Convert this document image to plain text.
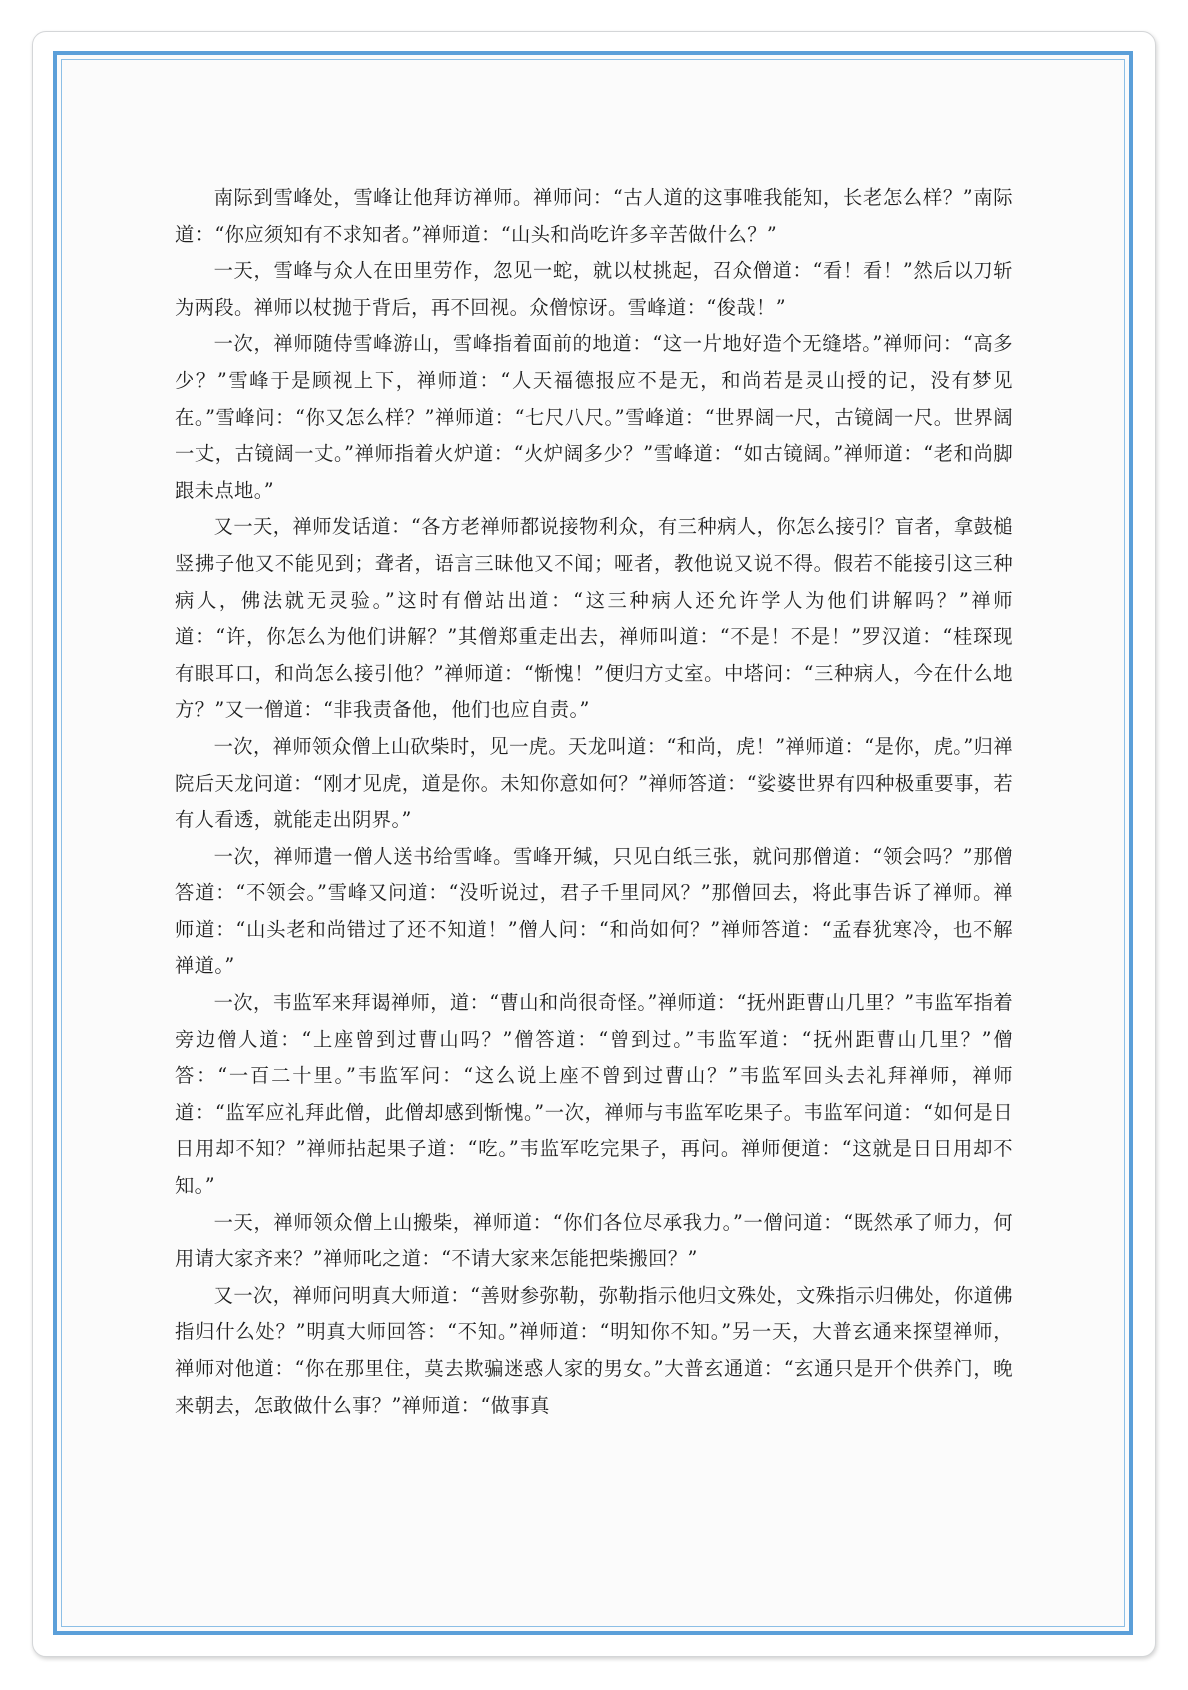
南际到雪峰处，雪峰让他拜访禅师。禅师问：“古人道的这事唯我能知，长老怎么样？”南际道：“你应须知有不求知者。”禅师道：“山头和尚吃许多辛苦做什么？”

一天，雪峰与众人在田里劳作，忽见一蛇，就以杖挑起，召众僧道：“看！看！”然后以刀斩为两段。禅师以杖抛于背后，再不回视。众僧惊讶。雪峰道：“俊哉！”

一次，禅师随侍雪峰游山，雪峰指着面前的地道：“这一片地好造个无缝塔。”禅师问：“高多少？”雪峰于是顾视上下，禅师道：“人天福德报应不是无，和尚若是灵山授的记，没有梦见在。”雪峰问：“你又怎么样？”禅师道：“七尺八尺。”雪峰道：“世界阔一尺，古镜阔一尺。世界阔一丈，古镜阔一丈。”禅师指着火炉道：“火炉阔多少？”雪峰道：“如古镜阔。”禅师道：“老和尚脚跟未点地。”

又一天，禅师发话道：“各方老禅师都说接物利众，有三种病人，你怎么接引？盲者，拿鼓槌竖拂子他又不能见到；聋者，语言三昧他又不闻；哑者，教他说又说不得。假若不能接引这三种病人，佛法就无灵验。”这时有僧站出道：“这三种病人还允许学人为他们讲解吗？”禅师道：“许，你怎么为他们讲解？”其僧郑重走出去，禅师叫道：“不是！不是！”罗汉道：“桂琛现有眼耳口，和尚怎么接引他？”禅师道：“惭愧！”便归方丈室。中塔问：“三种病人，今在什么地方？”又一僧道：“非我责备他，他们也应自责。”

一次，禅师领众僧上山砍柴时，见一虎。天龙叫道：“和尚，虎！”禅师道：“是你，虎。”归禅院后天龙问道：“刚才见虎，道是你。未知你意如何？”禅师答道：“娑婆世界有四种极重要事，若有人看透，就能走出阴界。”

一次，禅师遣一僧人送书给雪峰。雪峰开缄，只见白纸三张，就问那僧道：“领会吗？”那僧答道：“不领会。”雪峰又问道：“没听说过，君子千里同风？”那僧回去，将此事告诉了禅师。禅师道：“山头老和尚错过了还不知道！”僧人问：“和尚如何？”禅师答道：“孟春犹寒冷，也不解禅道。”

一次，韦监军来拜谒禅师，道：“曹山和尚很奇怪。”禅师道：“抚州距曹山几里？”韦监军指着旁边僧人道：“上座曾到过曹山吗？”僧答道：“曾到过。”韦监军道：“抚州距曹山几里？”僧答：“一百二十里。”韦监军问：“这么说上座不曾到过曹山？”韦监军回头去礼拜禅师，禅师道：“监军应礼拜此僧，此僧却感到惭愧。”一次，禅师与韦监军吃果子。韦监军问道：“如何是日日用却不知？”禅师拈起果子道：“吃。”韦监军吃完果子，再问。禅师便道：“这就是日日用却不知。”

一天，禅师领众僧上山搬柴，禅师道：“你们各位尽承我力。”一僧问道：“既然承了师力，何用请大家齐来？”禅师叱之道：“不请大家来怎能把柴搬回？”

又一次，禅师问明真大师道：“善财参弥勒，弥勒指示他归文殊处，文殊指示归佛处，你道佛指归什么处？”明真大师回答：“不知。”禅师道：“明知你不知。”另一天，大普玄通来探望禅师，禅师对他道：“你在那里住，莫去欺骗迷惑人家的男女。”大普玄通道：“玄通只是开个供养门，晚来朝去，怎敢做什么事？”禅师道：“做事真
